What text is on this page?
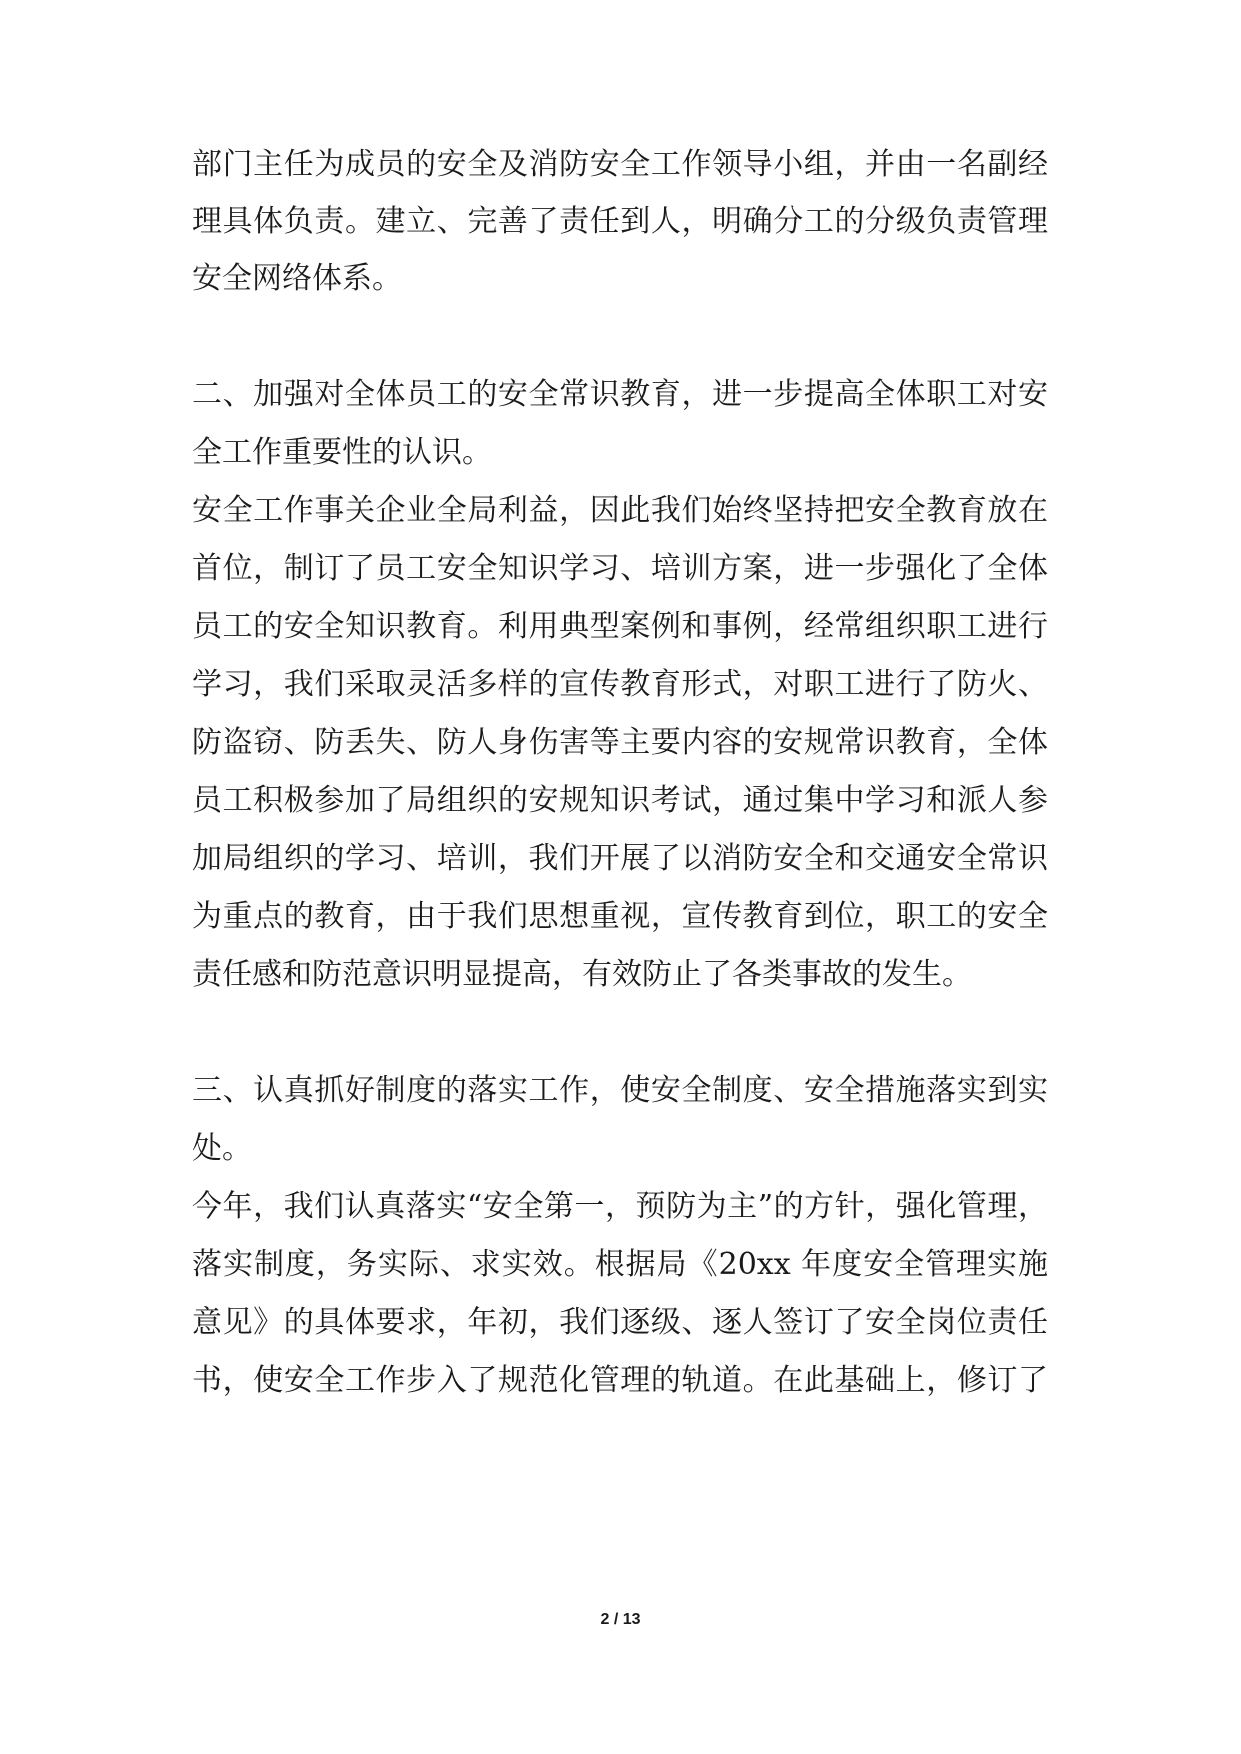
部门主任为成员的安全及消防安全工作领导小组，并由一名副经
理具体负责。建立、完善了责任到人，明确分工的分级负责管理
安全网络体系。
二、加强对全体员工的安全常识教育，进一步提高全体职工对安
全工作重要性的认识。
安全工作事关企业全局利益，因此我们始终坚持把安全教育放在
首位，制订了员工安全知识学习、培训方案，进一步强化了全体
员工的安全知识教育。利用典型案例和事例，经常组织职工进行
学习，我们采取灵活多样的宣传教育形式，对职工进行了防火、
防盗窃、防丢失、防人身伤害等主要内容的安规常识教育，全体
员工积极参加了局组织的安规知识考试，通过集中学习和派人参
加局组织的学习、培训，我们开展了以消防安全和交通安全常识
为重点的教育，由于我们思想重视，宣传教育到位，职工的安全
责任感和防范意识明显提高，有效防止了各类事故的发生。
三、认真抓好制度的落实工作，使安全制度、安全措施落实到实
处。
今年，我们认真落实“安全第一，预防为主”的方针，强化管理，
落实制度，务实际、求实效。根据局《20xx 年度安全管理实施
意见》的具体要求，年初，我们逐级、逐人签订了安全岗位责任
书，使安全工作步入了规范化管理的轨道。在此基础上，修订了
2 / 13
